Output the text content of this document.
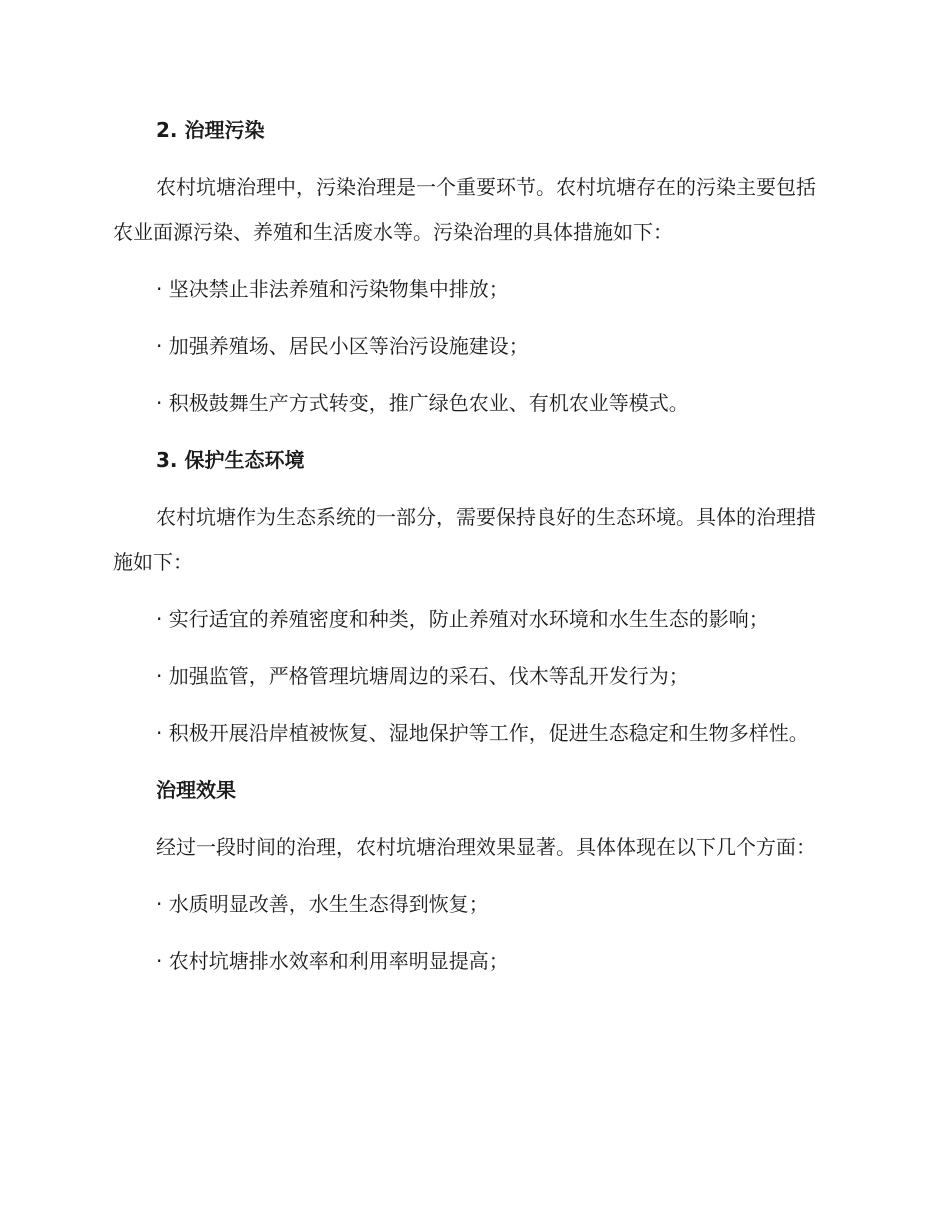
2. 治理污染

农村坑塘治理中，污染治理是一个重要环节。农村坑塘存在的污染主要包括农业面源污染、养殖和生活废水等。污染治理的具体措施如下：

· 坚决禁止非法养殖和污染物集中排放；

· 加强养殖场、居民小区等治污设施建设；

· 积极鼓舞生产方式转变，推广绿色农业、有机农业等模式。

3. 保护生态环境

农村坑塘作为生态系统的一部分，需要保持良好的生态环境。具体的治理措施如下：

· 实行适宜的养殖密度和种类，防止养殖对水环境和水生生态的影响；

· 加强监管，严格管理坑塘周边的采石、伐木等乱开发行为；

· 积极开展沿岸植被恢复、湿地保护等工作，促进生态稳定和生物多样性。

治理效果

经过一段时间的治理，农村坑塘治理效果显著。具体体现在以下几个方面：

· 水质明显改善，水生生态得到恢复；

· 农村坑塘排水效率和利用率明显提高；
